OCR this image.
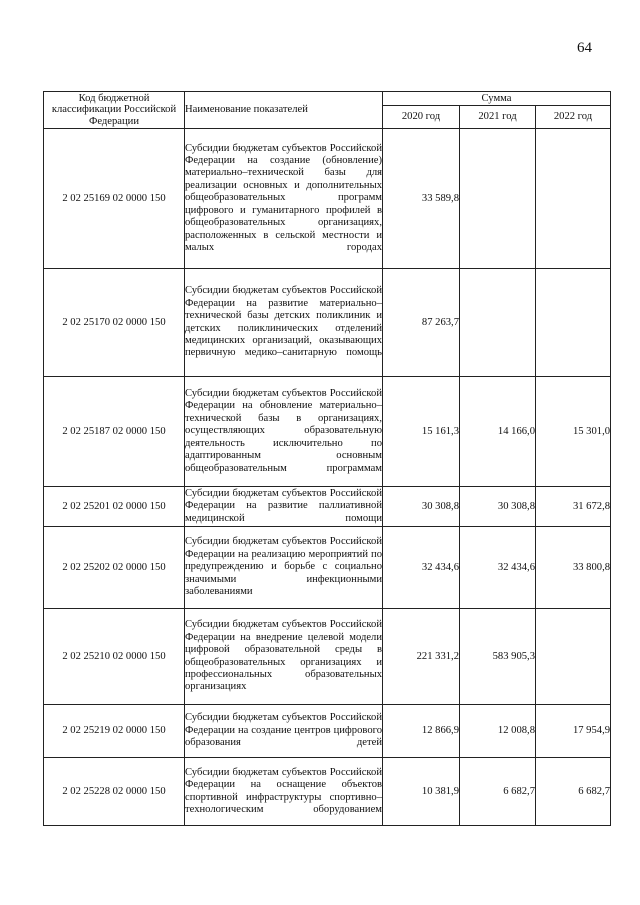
64
Код бюджетной классификации Российской Федерации	Наименование показателей	Сумма		
		2020 год	2021 год	2022 год
2 02 25169 02 0000 150	Субсидии бюджетам субъектов Российской Федерации на создание (обновление) материально–технической базы для реализации основных и дополнительных общеобразовательных программ цифрового и гуманитарного профилей в общеобразовательных организациях, расположенных в сельской местности и малых городах	33 589,8		
2 02 25170 02 0000 150	Субсидии бюджетам субъектов Российской Федерации на развитие материально–технической базы детских поликлиник и детских поликлинических отделений медицинских организаций, оказывающих первичную медико–санитарную помощь	87 263,7		
2 02 25187 02 0000 150	Субсидии бюджетам субъектов Российской Федерации на обновление материально–технической базы в организациях, осуществляющих образовательную деятельность исключительно по адаптированным основным общеобразовательным программам	15 161,3	14 166,0	15 301,0
2 02 25201 02 0000 150	Субсидии бюджетам субъектов Российской Федерации на развитие паллиативной медицинской помощи	30 308,8	30 308,8	31 672,8
2 02 25202 02 0000 150	Субсидии бюджетам субъектов Российской Федерации на реализацию мероприятий по предупреждению и борьбе с социально значимыми инфекционными заболеваниями	32 434,6	32 434,6	33 800,8
2 02 25210 02 0000 150	Субсидии бюджетам субъектов Российской Федерации на внедрение целевой модели цифровой образовательной среды в общеобразовательных организациях и профессиональных образовательных организациях	221 331,2	583 905,3	
2 02 25219 02 0000 150	Субсидии бюджетам субъектов Российской Федерации на создание центров цифрового образования детей	12 866,9	12 008,8	17 954,9
2 02 25228 02 0000 150	Субсидии бюджетам субъектов Российской Федерации на оснащение объектов спортивной инфраструктуры спортивно–технологическим оборудованием	10 381,9	6 682,7	6 682,7
